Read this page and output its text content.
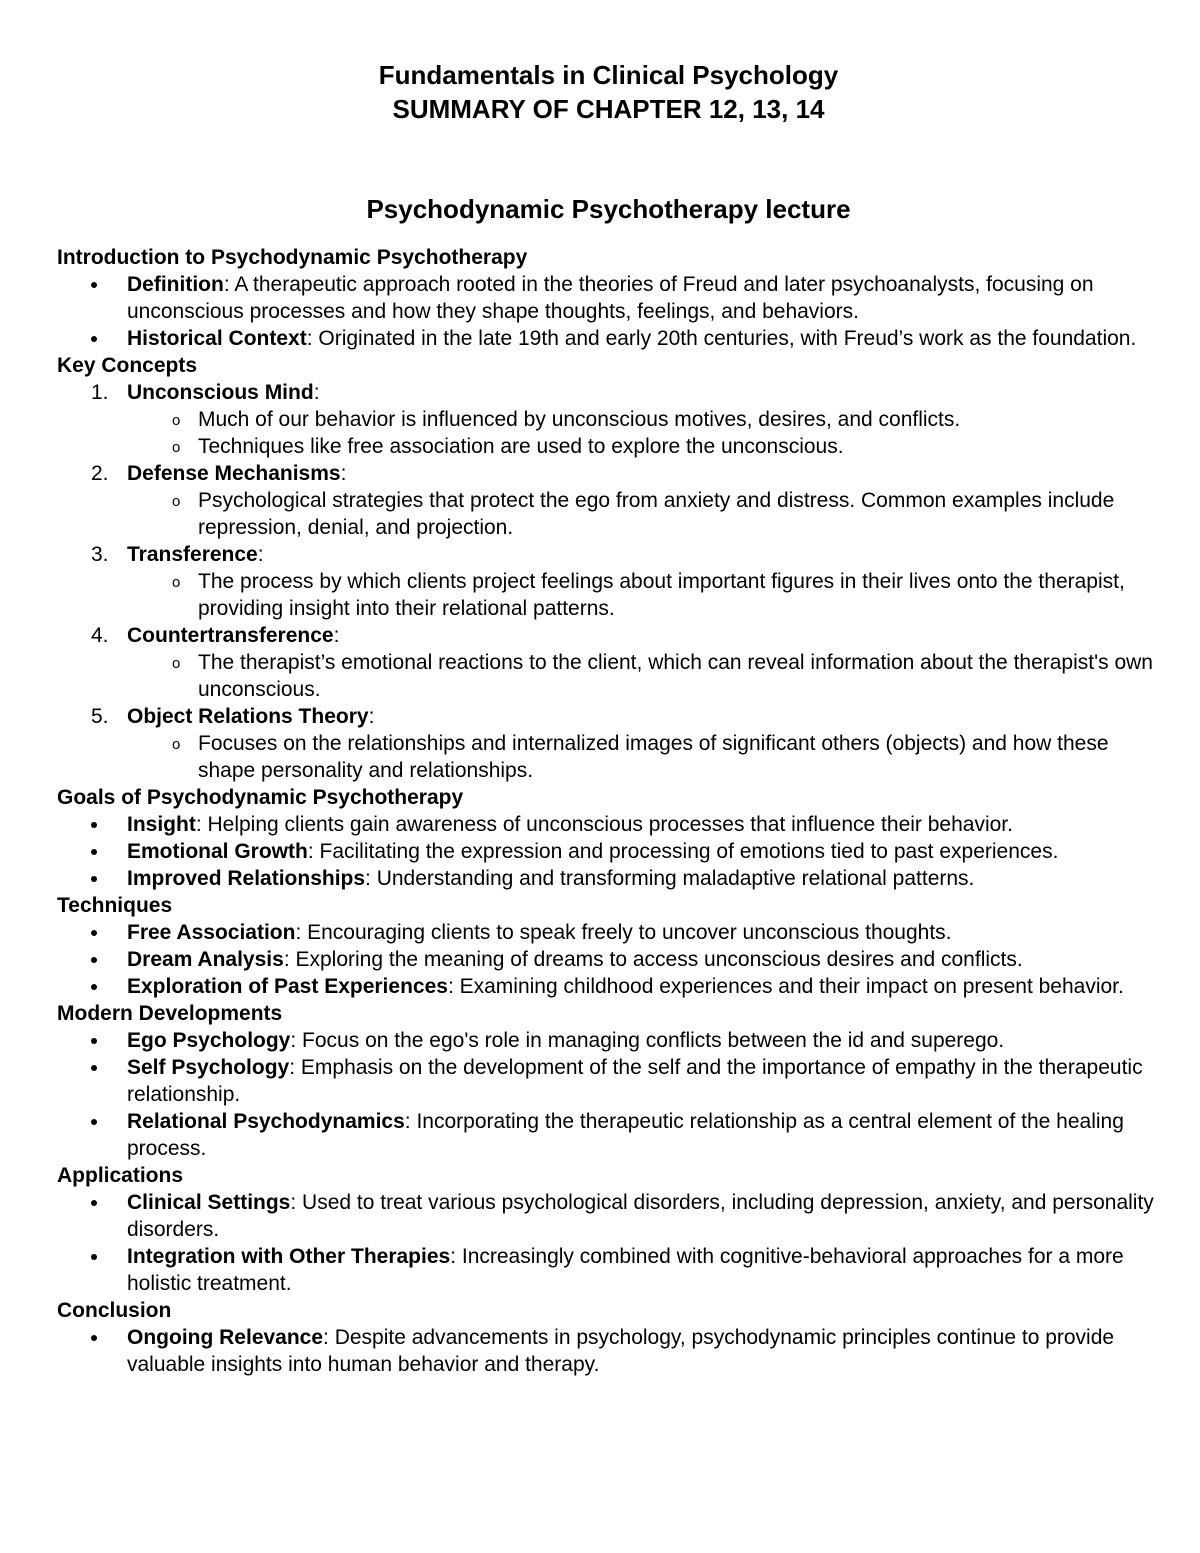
Fundamentals in Clinical Psychology
SUMMARY OF CHAPTER 12, 13, 14
Psychodynamic Psychotherapy lecture
Introduction to Psychodynamic Psychotherapy
Definition: A therapeutic approach rooted in the theories of Freud and later psychoanalysts, focusing on unconscious processes and how they shape thoughts, feelings, and behaviors.
Historical Context: Originated in the late 19th and early 20th centuries, with Freud’s work as the foundation.
Key Concepts
1. Unconscious Mind:
o Much of our behavior is influenced by unconscious motives, desires, and conflicts.
o Techniques like free association are used to explore the unconscious.
2. Defense Mechanisms:
o Psychological strategies that protect the ego from anxiety and distress. Common examples include repression, denial, and projection.
3. Transference:
o The process by which clients project feelings about important figures in their lives onto the therapist, providing insight into their relational patterns.
4. Countertransference:
o The therapist’s emotional reactions to the client, which can reveal information about the therapist's own unconscious.
5. Object Relations Theory:
o Focuses on the relationships and internalized images of significant others (objects) and how these shape personality and relationships.
Goals of Psychodynamic Psychotherapy
Insight: Helping clients gain awareness of unconscious processes that influence their behavior.
Emotional Growth: Facilitating the expression and processing of emotions tied to past experiences.
Improved Relationships: Understanding and transforming maladaptive relational patterns.
Techniques
Free Association: Encouraging clients to speak freely to uncover unconscious thoughts.
Dream Analysis: Exploring the meaning of dreams to access unconscious desires and conflicts.
Exploration of Past Experiences: Examining childhood experiences and their impact on present behavior.
Modern Developments
Ego Psychology: Focus on the ego's role in managing conflicts between the id and superego.
Self Psychology: Emphasis on the development of the self and the importance of empathy in the therapeutic relationship.
Relational Psychodynamics: Incorporating the therapeutic relationship as a central element of the healing process.
Applications
Clinical Settings: Used to treat various psychological disorders, including depression, anxiety, and personality disorders.
Integration with Other Therapies: Increasingly combined with cognitive-behavioral approaches for a more holistic treatment.
Conclusion
Ongoing Relevance: Despite advancements in psychology, psychodynamic principles continue to provide valuable insights into human behavior and therapy.
